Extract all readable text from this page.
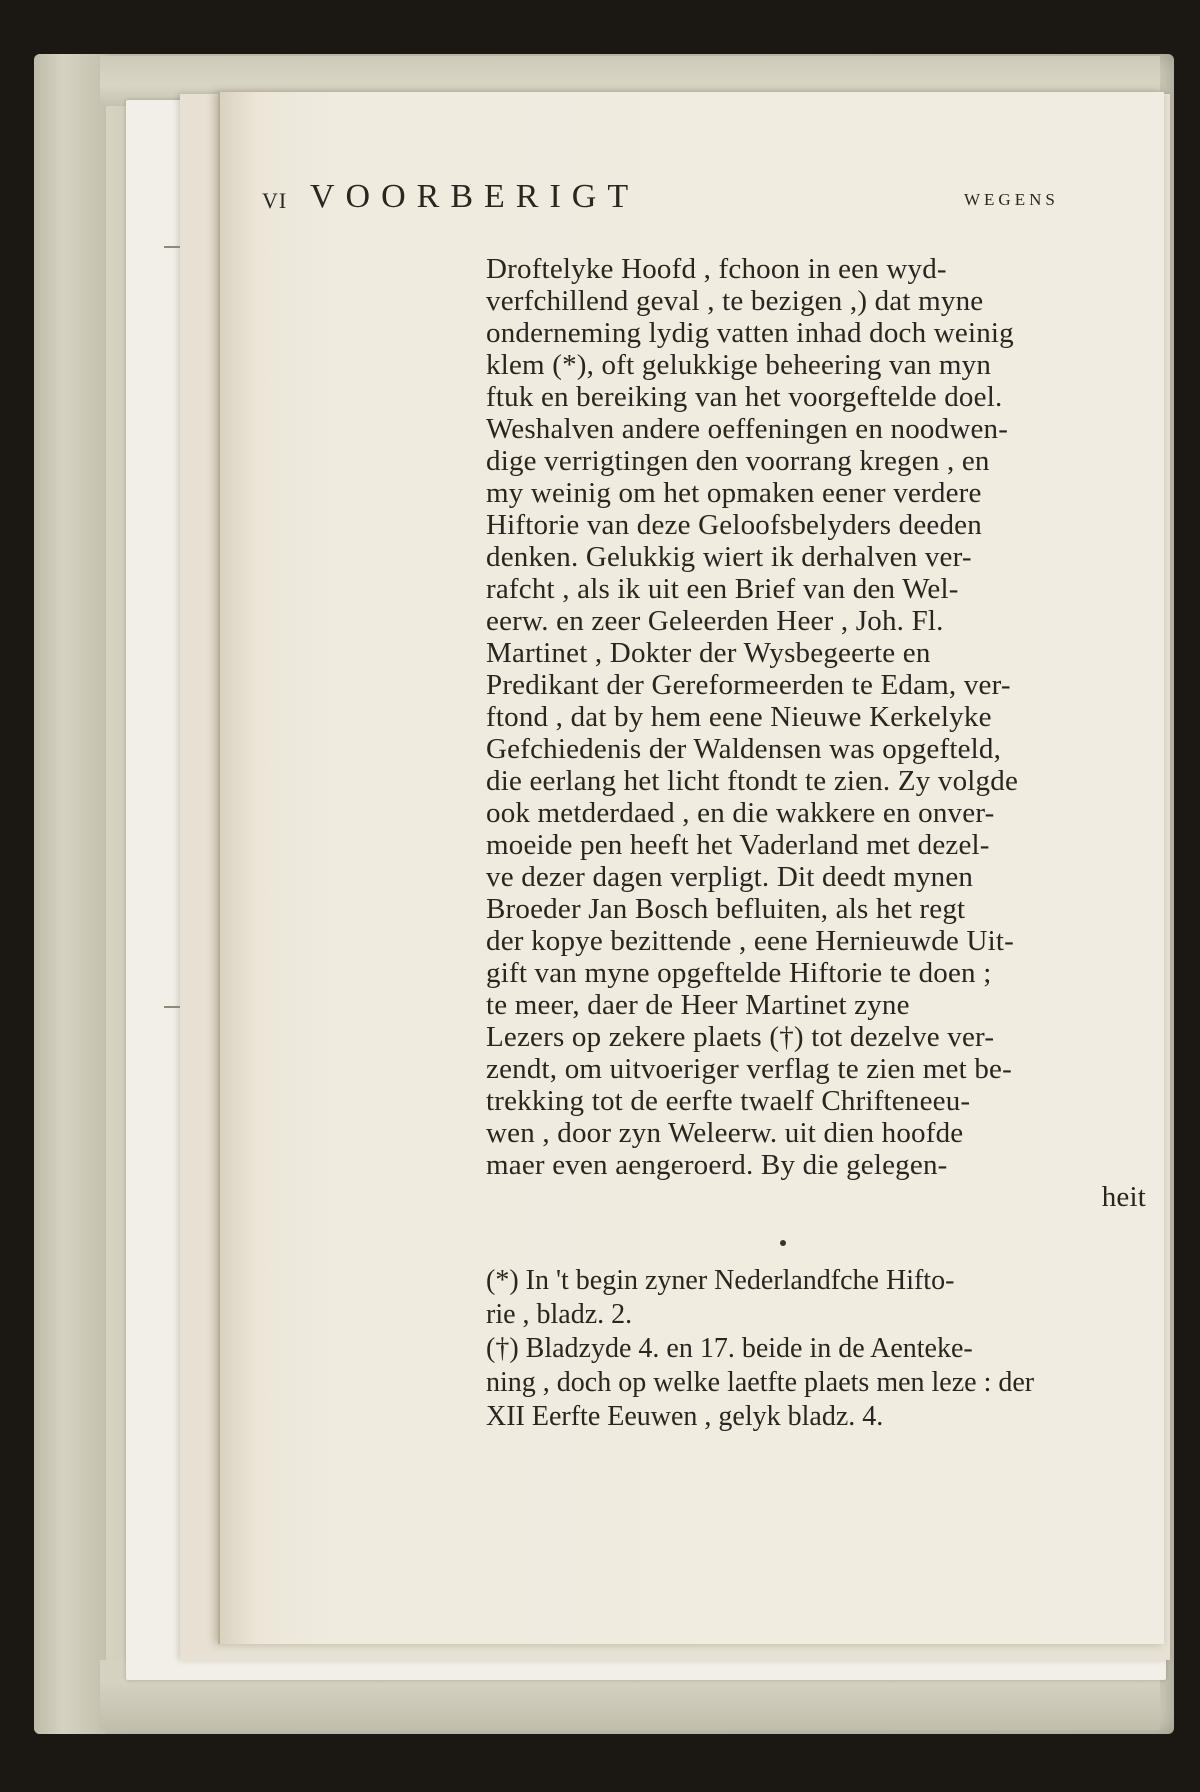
VI VOORBERIGT	WEGENS
Droftelyke Hoofd , fchoon in een wyd-
verfchillend geval , te bezigen ,) dat myne
onderneming lydig vatten inhad doch weinig
klem (*), oft gelukkige beheering van myn
ftuk en bereiking van het voorgeftelde doel.
Weshalven andere oeffeningen en noodwen-
dige verrigtingen den voorrang kregen , en
my weinig om het opmaken eener verdere
Hiftorie van deze Geloofsbelyders deeden
denken. Gelukkig wiert ik derhalven ver-
rafcht , als ik uit een Brief van den Wel-
eerw. en zeer Geleerden Heer , Joh. Fl.
Martinet , Dokter der Wysbegeerte en
Predikant der Gereformeerden te Edam, ver-
ftond , dat by hem eene Nieuwe Kerkelyke
Gefchiedenis der Waldensen was opgefteld,
die eerlang het licht ftondt te zien. Zy volgde
ook metderdaed , en die wakkere en onver-
moeide pen heeft het Vaderland met dezel-
ve dezer dagen verpligt. Dit deedt mynen
Broeder Jan Bosch befluiten, als het regt
der kopye bezittende , eene Hernieuwde Uit-
gift van myne opgeftelde Hiftorie te doen ;
te meer, daer de Heer Martinet zyne
Lezers op zekere plaets (†) tot dezelve ver-
zendt, om uitvoeriger verflag te zien met be-
trekking tot de eerfte twaelf Chrifteneeu-
wen , door zyn Weleerw. uit dien hoofde
maer even aengeroerd. By die gelegen-
heit
(*) In 't begin zyner Nederlandfche Hifto-
rie , bladz. 2.
(†) Bladzyde 4. en 17. beide in de Aenteke-
ning , doch op welke laetfte plaets men leze : der
XII Eerfte Eeuwen , gelyk bladz. 4.
